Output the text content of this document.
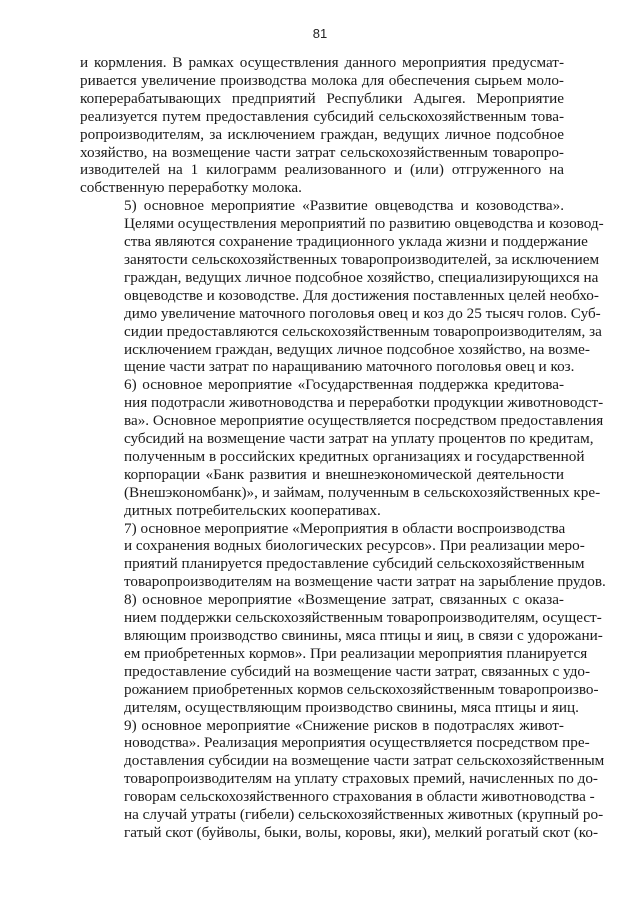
81

и кормления. В рамках осуществления данного мероприятия предусмат-
ривается увеличение производства молока для обеспечения сырьем моло-
коперерабатывающих предприятий Республики Адыгея. Мероприятие
реализуется путем предоставления субсидий сельскохозяйственным това-
ропроизводителям, за исключением граждан, ведущих личное подсобное
хозяйство, на возмещение части затрат сельскохозяйственным товаропро-
изводителей на 1 килограмм реализованного и (или) отгруженного на
собственную переработку молока.

5) основное мероприятие «Развитие овцеводства и козоводства».
Целями осуществления мероприятий по развитию овцеводства и козовод-
ства являются сохранение традиционного уклада жизни и поддержание
занятости сельскохозяйственных товаропроизводителей, за исключением
граждан, ведущих личное подсобное хозяйство, специализирующихся на
овцеводстве и козоводстве. Для достижения поставленных целей необхо-
димо увеличение маточного поголовья овец и коз до 25 тысяч голов. Суб-
сидии предоставляются сельскохозяйственным товаропроизводителям, за
исключением граждан, ведущих личное подсобное хозяйство, на возме-
щение части затрат по наращиванию маточного поголовья овец и коз.

6) основное мероприятие «Государственная поддержка кредитова-
ния подотрасли животноводства и переработки продукции животноводст-
ва». Основное мероприятие осуществляется посредством предоставления
субсидий на возмещение части затрат на уплату процентов по кредитам,
полученным в российских кредитных организациях и государственной
корпорации «Банк развития и внешнеэкономической деятельности
(Внешэкономбанк)», и займам, полученным в сельскохозяйственных кре-
дитных потребительских кооперативах.

7) основное мероприятие «Мероприятия в области воспроизводства
и сохранения водных биологических ресурсов». При реализации меро-
приятий планируется предоставление субсидий сельскохозяйственным
товаропроизводителям на возмещение части затрат на зарыбление прудов.

8) основное мероприятие «Возмещение затрат, связанных с оказа-
нием поддержки сельскохозяйственным товаропроизводителям, осущест-
вляющим производство свинины, мяса птицы и яиц, в связи с удорожани-
ем приобретенных кормов». При реализации мероприятия планируется
предоставление субсидий на возмещение части затрат, связанных с удо-
рожанием приобретенных кормов сельскохозяйственным товаропроизво-
дителям, осуществляющим производство свинины, мяса птицы и яиц.

9) основное мероприятие «Снижение рисков в подотраслях живот-
новодства». Реализация мероприятия осуществляется посредством пре-
доставления субсидии на возмещение части затрат сельскохозяйственным
товаропроизводителям на уплату страховых премий, начисленных по до-
говорам сельскохозяйственного страхования в области животноводства -
на случай утраты (гибели) сельскохозяйственных животных (крупный ро-
гатый скот (буйволы, быки, волы, коровы, яки), мелкий рогатый скот (ко-
